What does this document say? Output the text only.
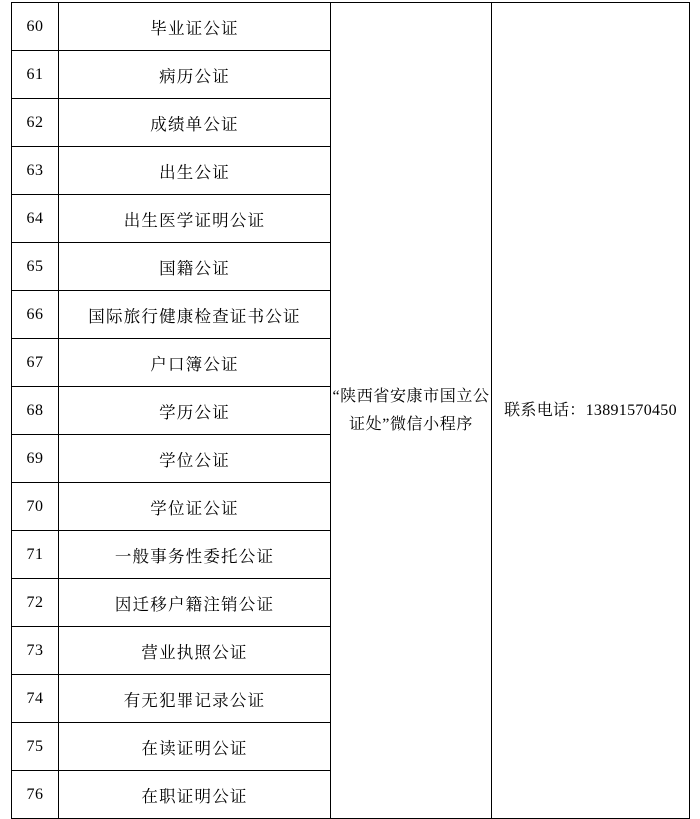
60	毕业证公证	“陕西省安康市国立公证处”微信小程序	联系电话：13891570450

61	病历公证		
62	成绩单公证		
63	出生公证		
64	出生医学证明公证		
65	国籍公证		
66	国际旅行健康检查证书公证		
67	户口簿公证		
68	学历公证		
69	学位公证		
70	学位证公证		
71	一般事务性委托公证		
72	因迁移户籍注销公证		
73	营业执照公证		
74	有无犯罪记录公证		
75	在读证明公证		
76	在职证明公证		
